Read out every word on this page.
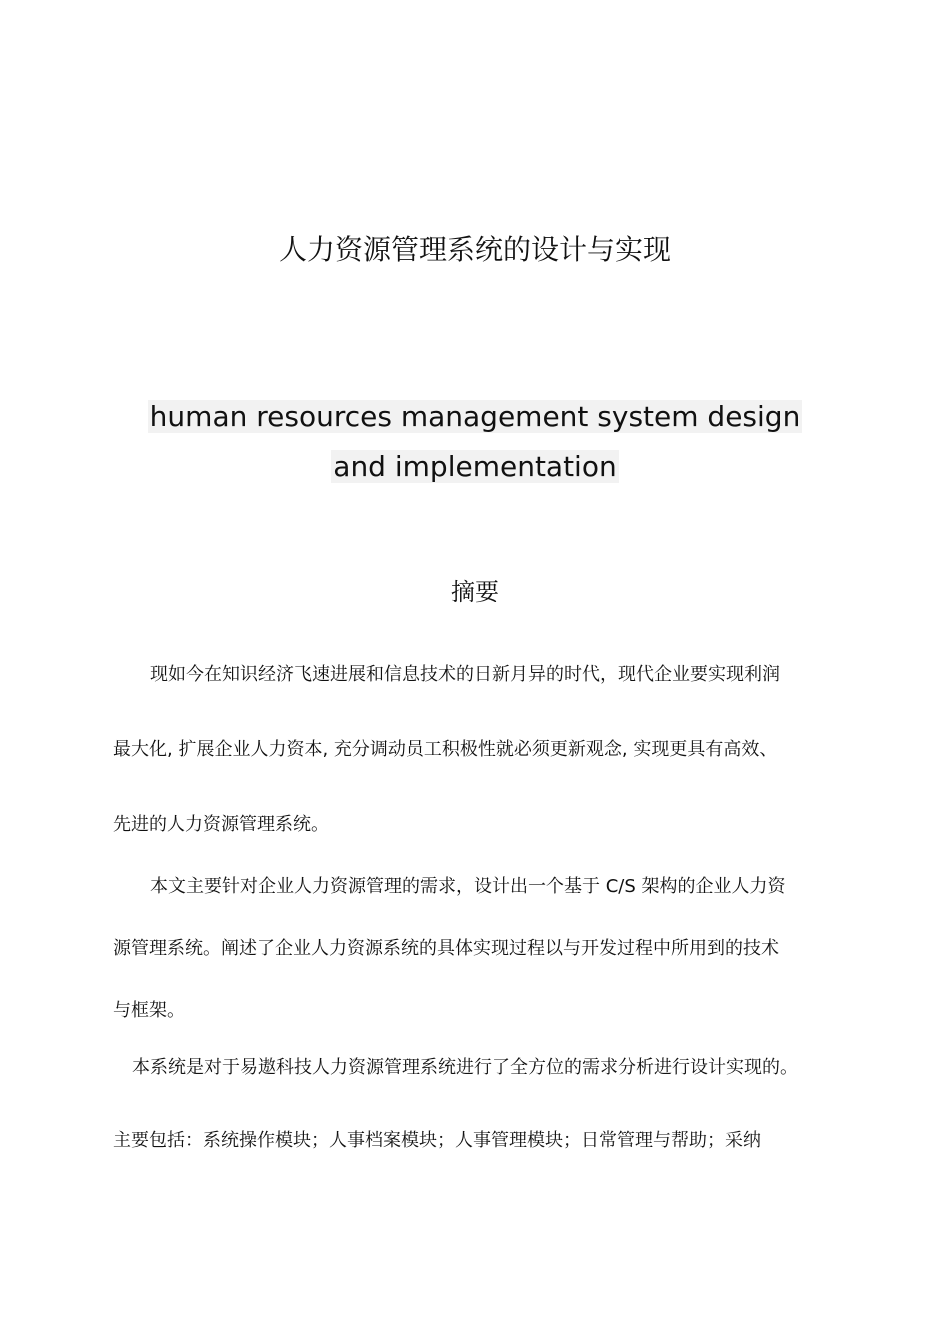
人力资源管理系统的设计与实现
human resources management system design
and implementation
摘要
现如今在知识经济飞速进展和信息技术的日新月异的时代，现代企业要实现利润
最大化, 扩展企业人力资本, 充分调动员工积极性就必须更新观念, 实现更具有高效、
先进的人力资源管理系统。
本文主要针对企业人力资源管理的需求，设计出一个基于 C/S 架构的企业人力资
源管理系统。阐述了企业人力资源系统的具体实现过程以与开发过程中所用到的技术
与框架。
本系统是对于易遨科技人力资源管理系统进行了全方位的需求分析进行设计实现的。
主要包括：系统操作模块；人事档案模块；人事管理模块；日常管理与帮助；采纳
